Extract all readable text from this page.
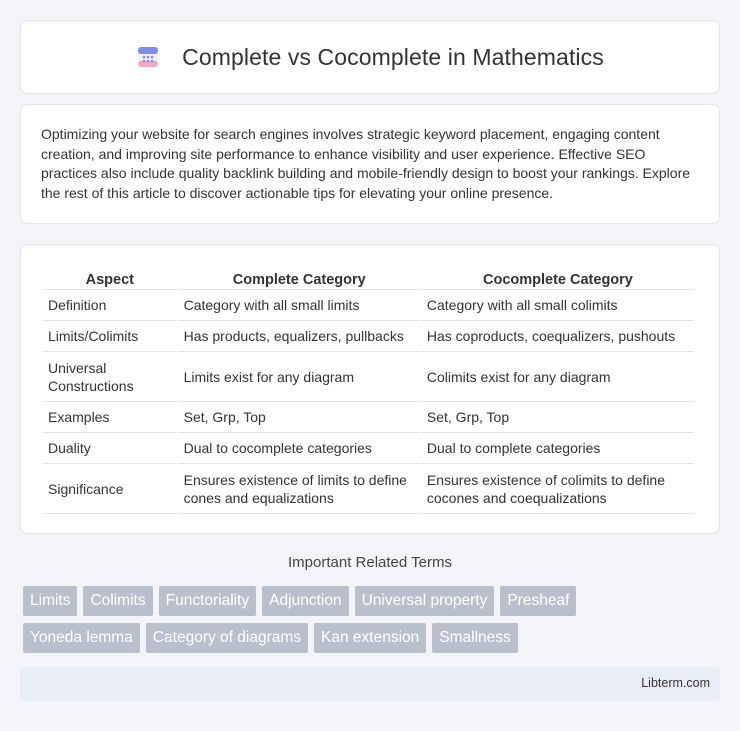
Complete vs Cocomplete in Mathematics

Optimizing your website for search engines involves strategic keyword placement, engaging content creation, and improving site performance to enhance visibility and user experience. Effective SEO practices also include quality backlink building and mobile-friendly design to boost your rankings. Explore the rest of this article to discover actionable tips for elevating your online presence.

Aspect	Complete Category	Cocomplete Category
Definition	Category with all small limits	Category with all small colimits
Limits/Colimits	Has products, equalizers, pullbacks	Has coproducts, coequalizers, pushouts
Universal Constructions	Limits exist for any diagram	Colimits exist for any diagram
Examples	Set, Grp, Top	Set, Grp, Top
Duality	Dual to cocomplete categories	Dual to complete categories
Significance	Ensures existence of limits to define cones and equalizations	Ensures existence of colimits to define cocones and coequalizations
Important Related Terms
Limits	Colimits	Functoriality	Adjunction	Universal property	Presheaf
Yoneda lemma	Category of diagrams	Kan extension	Smallness
Libterm.com
